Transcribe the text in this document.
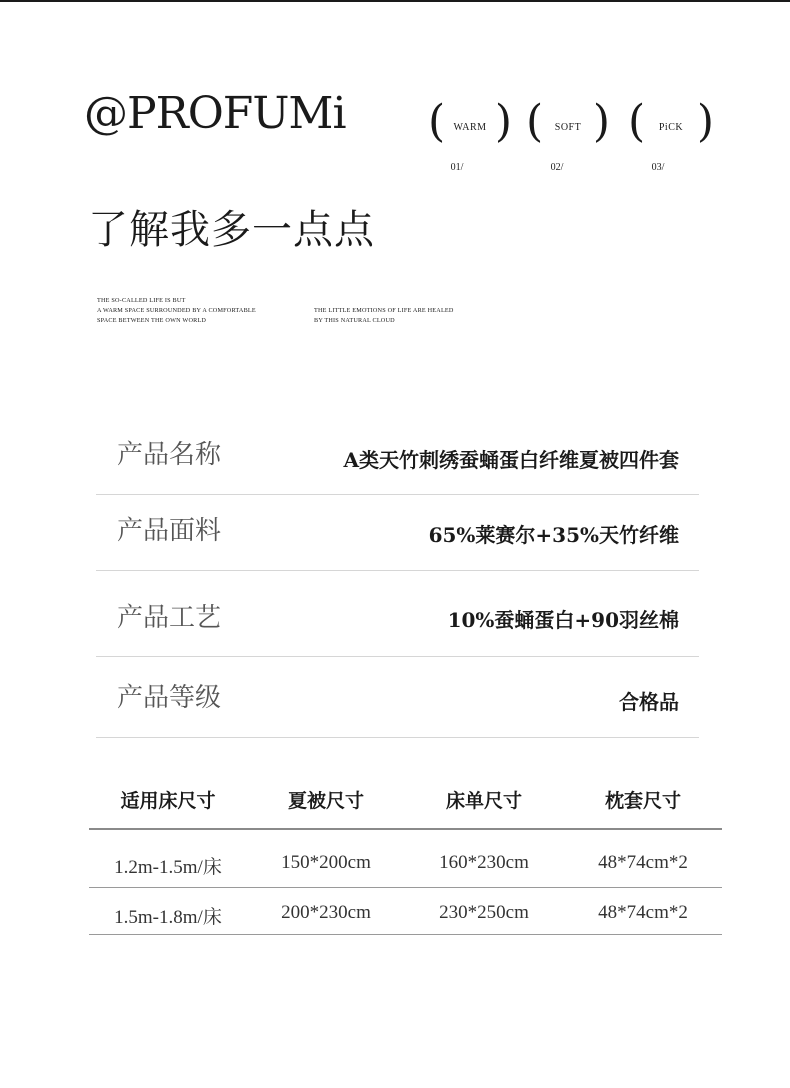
@PROFUMi ( WARM )
01/
(	SOFT )
02/
(	PiCK )
03/
了解我多一点点
THE SO-CALLED LIFE IS BUT
A WARM SPACE SURROUNDED BY A COMFORTABLE
SPACE BETWEEN THE OWN WORLD
THE LITTLE EMOTIONS OF LIFE ARE HEALED
BY THIS NATURAL CLOUD
产品名称	A类天竹刺绣蚕蛹蛋白纤维夏被四件套
产品面料	65%莱赛尔+35%天竹纤维
产品工艺	10%蚕蛹蛋白+90羽丝棉
产品等级	合格品
适用床尺寸	夏被尺寸	床单尺寸	枕套尺寸
1.2m-1.5m/床	150*200cm	160*230cm	48*74cm*2
1.5m-1.8m/床	200*230cm	230*250cm	48*74cm*2
